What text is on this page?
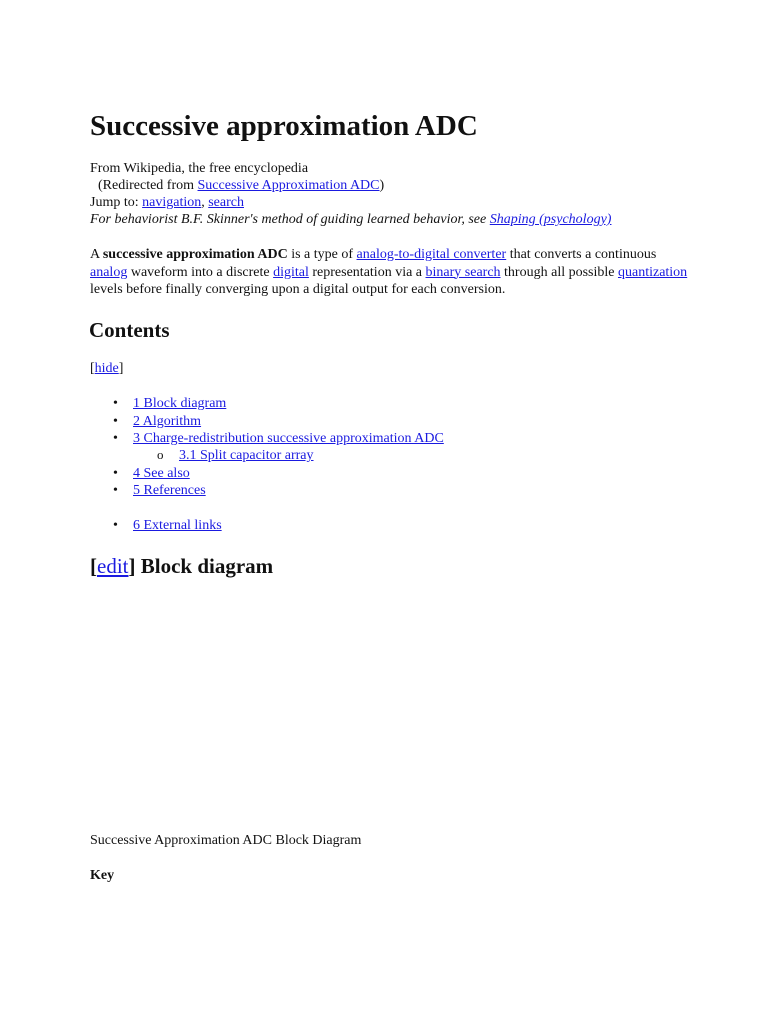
Successive approximation ADC
From Wikipedia, the free encyclopedia
(Redirected from Successive Approximation ADC)
Jump to: navigation, search
For behaviorist B.F. Skinner's method of guiding learned behavior, see Shaping (psychology)

A successive approximation ADC is a type of analog-to-digital converter that converts a continuous analog waveform into a discrete digital representation via a binary search through all possible quantization levels before finally converging upon a digital output for each conversion.

Contents
[hide]
• 1 Block diagram
• 2 Algorithm
• 3 Charge-redistribution successive approximation ADC
o 3.1 Split capacitor array
• 4 See also
• 5 References
• 6 External links
[edit] Block diagram
Successive Approximation ADC Block Diagram
Key
